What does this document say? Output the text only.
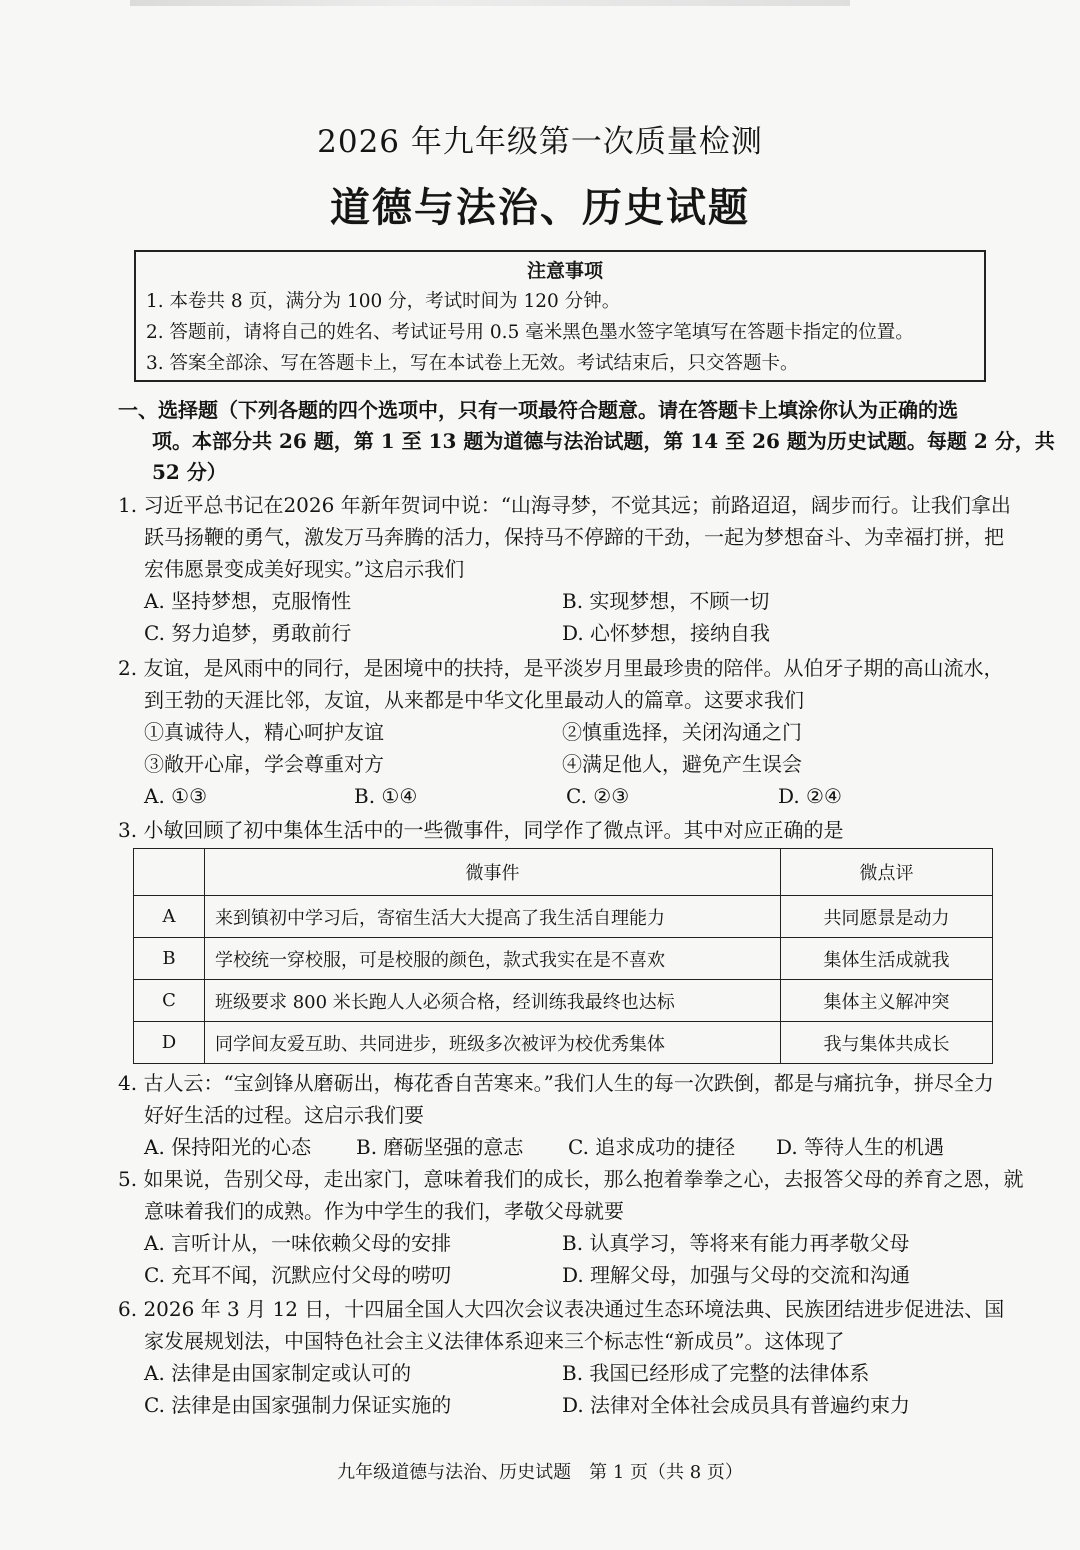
2026 年九年级第一次质量检测
道德与法治、历史试题
注意事项
1. 本卷共 8 页，满分为 100 分，考试时间为 120 分钟。
2. 答题前，请将自己的姓名、考试证号用 0.5 毫米黑色墨水签字笔填写在答题卡指定的位置。
3. 答案全部涂、写在答题卡上，写在本试卷上无效。考试结束后，只交答题卡。
一、选择题（下列各题的四个选项中，只有一项最符合题意。请在答题卡上填涂你认为正确的选
项。本部分共 26 题，第 1 至 13 题为道德与法治试题，第 14 至 26 题为历史试题。每题 2 分，共
52 分）
1. 习近平总书记在2026 年新年贺词中说：“山海寻梦，不觉其远；前路迢迢，阔步而行。让我们拿出
跃马扬鞭的勇气，激发万马奔腾的活力，保持马不停蹄的干劲，一起为梦想奋斗、为幸福打拼，把
宏伟愿景变成美好现实。”这启示我们
A. 坚持梦想，克服惰性	B. 实现梦想，不顾一切
C. 努力追梦，勇敢前行	D. 心怀梦想，接纳自我
2. 友谊，是风雨中的同行，是困境中的扶持，是平淡岁月里最珍贵的陪伴。从伯牙子期的高山流水，
到王勃的天涯比邻，友谊，从来都是中华文化里最动人的篇章。这要求我们
①真诚待人，精心呵护友谊	②慎重选择，关闭沟通之门
③敞开心扉，学会尊重对方	④满足他人，避免产生误会
A. ①③	B. ①④	C. ②③	D. ②④
3. 小敏回顾了初中集体生活中的一些微事件，同学作了微点评。其中对应正确的是
	微事件	微点评
A	来到镇初中学习后，寄宿生活大大提高了我生活自理能力	共同愿景是动力
B	学校统一穿校服，可是校服的颜色，款式我实在是不喜欢	集体生活成就我
C	班级要求 800 米长跑人人必须合格，经训练我最终也达标	集体主义解冲突
D	同学间友爱互助、共同进步，班级多次被评为校优秀集体	我与集体共成长
4. 古人云：“宝剑锋从磨砺出，梅花香自苦寒来。”我们人生的每一次跌倒，都是与痛抗争，拼尽全力
好好生活的过程。这启示我们要
A. 保持阳光的心态 B. 磨砺坚强的意志 C. 追求成功的捷径 D. 等待人生的机遇
5. 如果说，告别父母，走出家门，意味着我们的成长，那么抱着拳拳之心，去报答父母的养育之恩，就
意味着我们的成熟。作为中学生的我们，孝敬父母就要
A. 言听计从，一味依赖父母的安排	B. 认真学习，等将来有能力再孝敬父母
C. 充耳不闻，沉默应付父母的唠叨	D. 理解父母，加强与父母的交流和沟通
6. 2026 年 3 月 12 日，十四届全国人大四次会议表决通过生态环境法典、民族团结进步促进法、国
家发展规划法，中国特色社会主义法律体系迎来三个标志性“新成员”。这体现了
A. 法律是由国家制定或认可的	B. 我国已经形成了完整的法律体系
C. 法律是由国家强制力保证实施的	D. 法律对全体社会成员具有普遍约束力
九年级道德与法治、历史试题　第 1 页（共 8 页）
